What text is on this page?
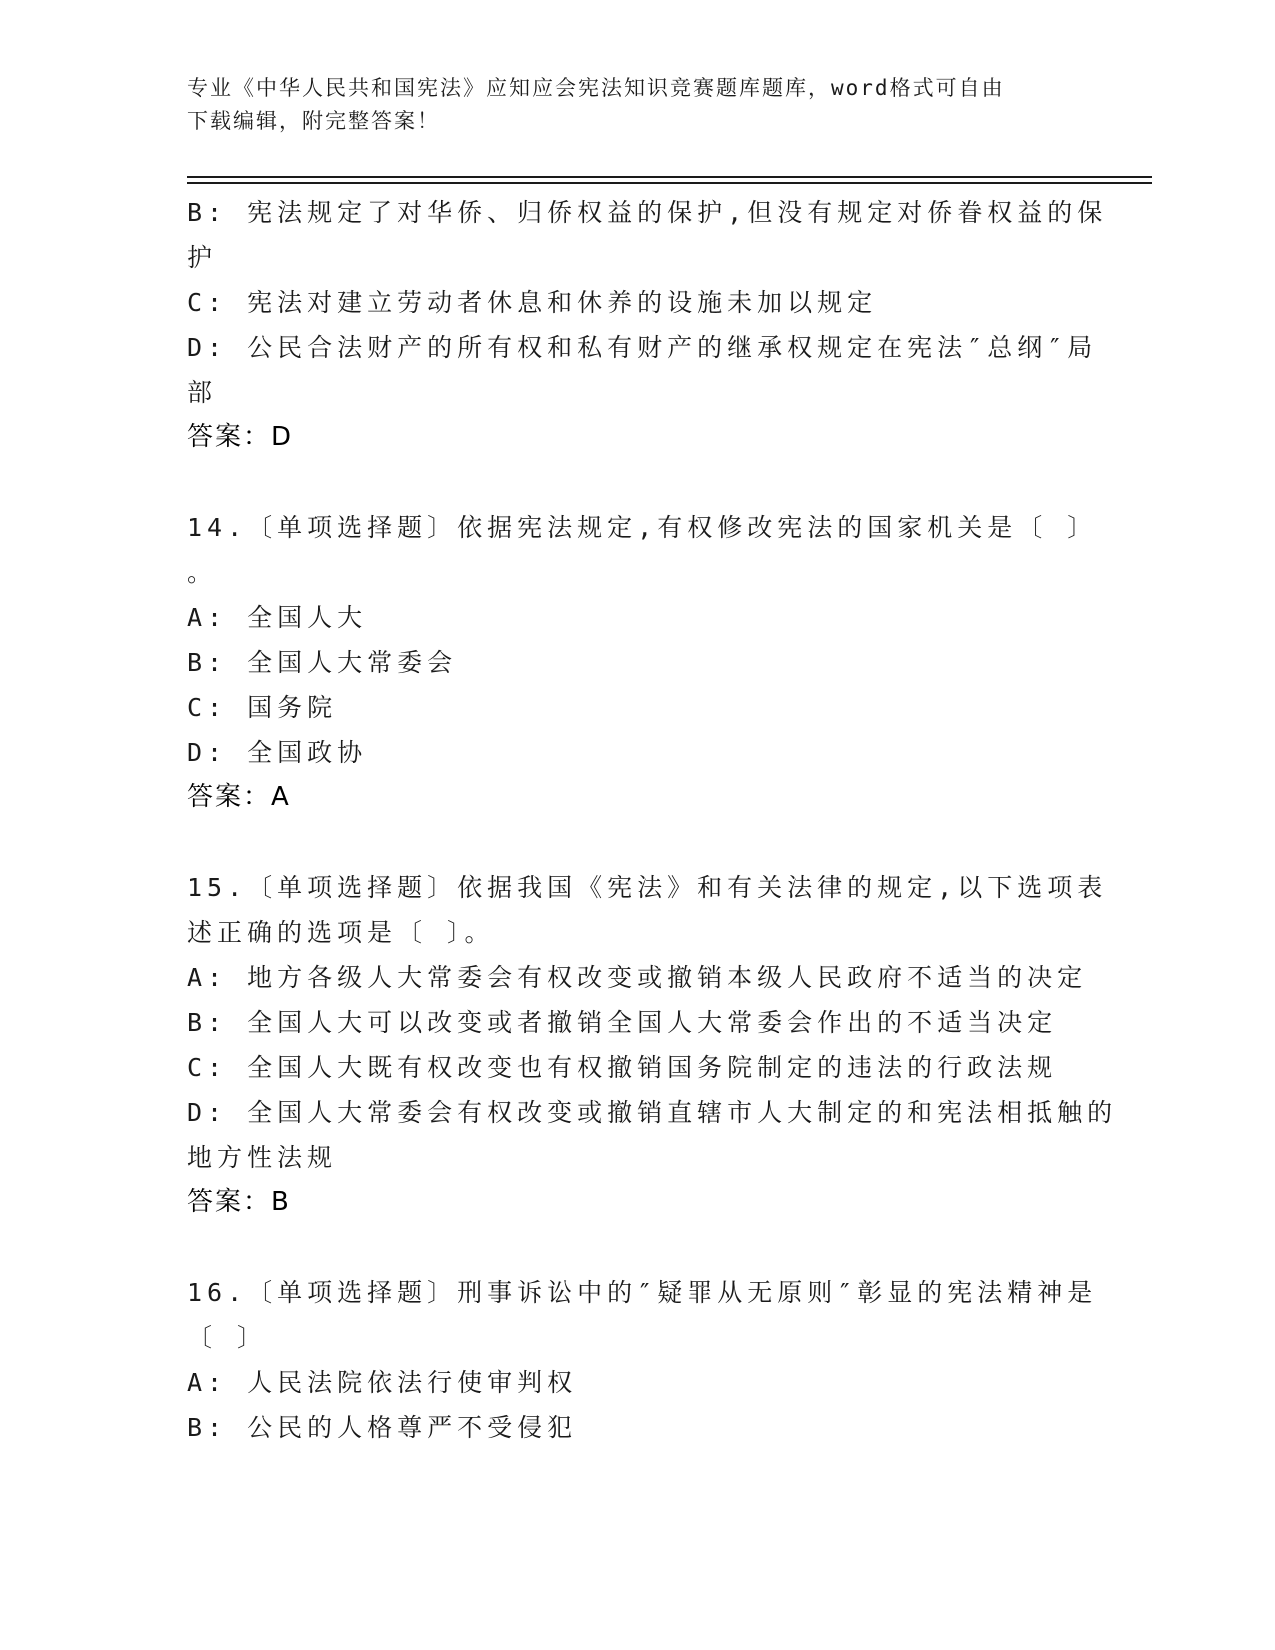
专业《中华人民共和国宪法》应知应会宪法知识竞赛题库题库，word格式可自由
下载编辑，附完整答案！
B: 宪法规定了对华侨、归侨权益的保护,但没有规定对侨眷权益的保
护
C: 宪法对建立劳动者休息和休养的设施未加以规定
D: 公民合法财产的所有权和私有财产的继承权规定在宪法″总纲″局
部
答案：D
14.〔单项选择题〕依据宪法规定,有权修改宪法的国家机关是〔 〕
。
A: 全国人大
B: 全国人大常委会
C: 国务院
D: 全国政协
答案：A
15.〔单项选择题〕依据我国《宪法》和有关法律的规定,以下选项表
述正确的选项是〔 〕。
A: 地方各级人大常委会有权改变或撤销本级人民政府不适当的决定
B: 全国人大可以改变或者撤销全国人大常委会作出的不适当决定
C: 全国人大既有权改变也有权撤销国务院制定的违法的行政法规
D: 全国人大常委会有权改变或撤销直辖市人大制定的和宪法相抵触的
地方性法规
答案：B
16.〔单项选择题〕刑事诉讼中的″疑罪从无原则″彰显的宪法精神是
〔 〕
A: 人民法院依法行使审判权
B: 公民的人格尊严不受侵犯
